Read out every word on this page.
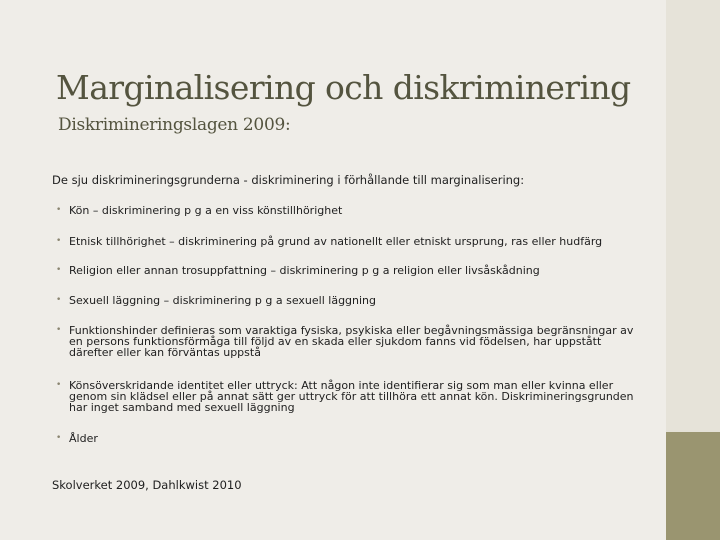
Marginalisering och diskriminering
Diskrimineringslagen 2009:
De sju diskrimineringsgrunderna - diskriminering i förhållande till marginalisering:
• Kön – diskriminering p g a en viss könstillhörighet
• Etnisk tillhörighet – diskriminering på grund av nationellt eller etniskt ursprung, ras eller hudfärg
• Religion eller annan trosuppfattning – diskriminering p g a religion eller livsåskådning
• Sexuell läggning – diskriminering p g a sexuell läggning
• Funktionshinder definieras som varaktiga fysiska, psykiska eller begåvningsmässiga begränsningar av en persons funktionsförmåga till följd av en skada eller sjukdom fanns vid födelsen, har uppstått därefter eller kan förväntas uppstå
• Könsöverskridande identitet eller uttryck: Att någon inte identifierar sig som man eller kvinna eller genom sin klädsel eller på annat sätt ger uttryck för att tillhöra ett annat kön. Diskrimineringsgrunden har inget samband med sexuell läggning
• Ålder
Skolverket 2009, Dahlkwist 2010
